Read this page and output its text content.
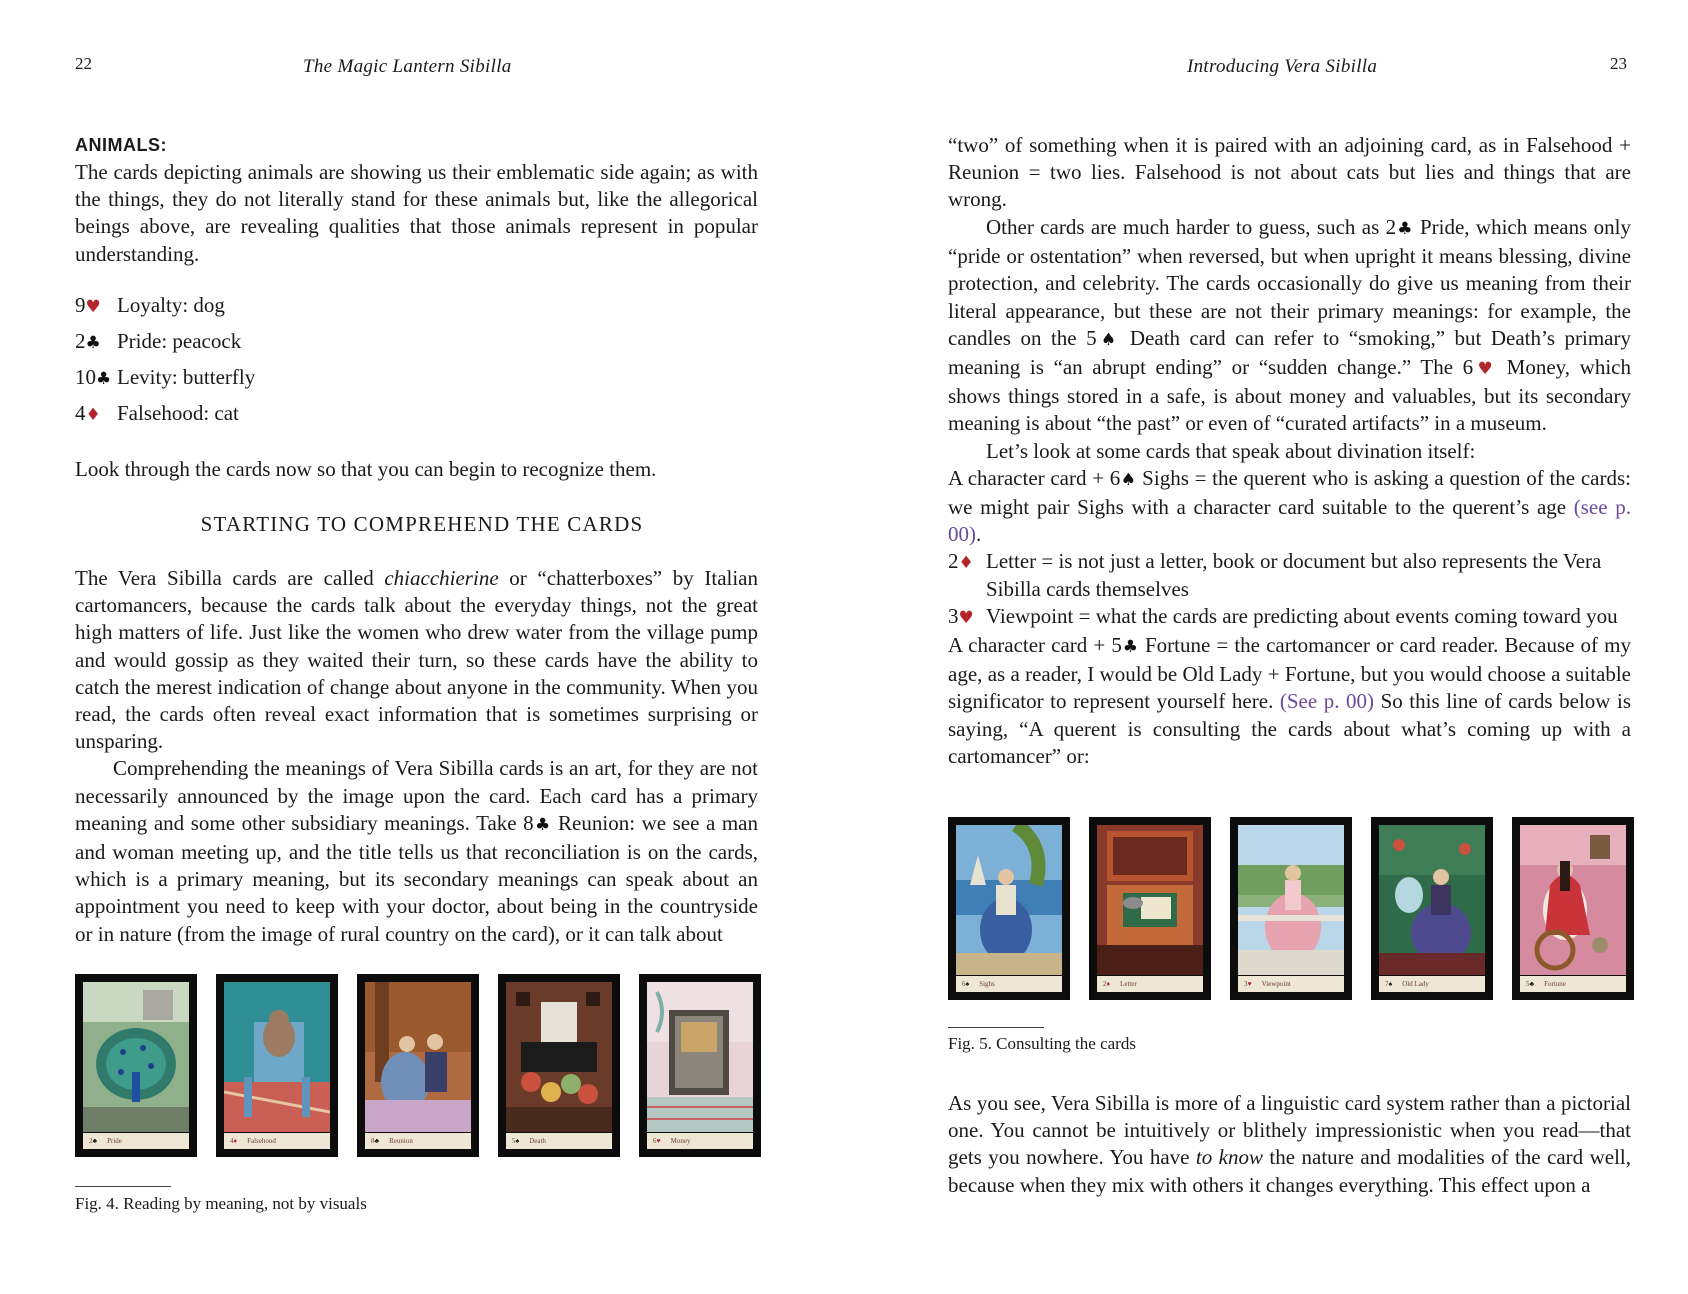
22	The Magic Lantern Sibilla
ANIMALS:

The cards depicting animals are showing us their emblematic side again; as with the things, they do not literally stand for these animals but, like the allegorical beings above, are revealing qualities that those animals represent in popular understanding.

9♥ Loyalty: dog
2♣ Pride: peacock
10♣ Levity: butterfly
4♦ Falsehood: cat
Look through the cards now so that you can begin to recognize them.
STARTING TO COMPREHEND THE CARDS

The Vera Sibilla cards are called chiacchierine or “chatterboxes” by Italian cartomancers, because the cards talk about the everyday things, not the great high matters of life. Just like the women who drew water from the village pump and would gossip as they waited their turn, so these cards have the ability to catch the merest indication of change about anyone in the community. When you read, the cards often reveal exact information that is sometimes surprising or unsparing.

Comprehending the meanings of Vera Sibilla cards is an art, for they are not necessarily announced by the image upon the card. Each card has a primary meaning and some other subsidiary meanings. Take 8♣ Reunion: we see a man and woman meeting up, and the title tells us that reconciliation is on the cards, which is a primary meaning, but its secondary meanings can speak about an appointment you need to keep with your doctor, about being in the countryside or in nature (from the image of rural country on the card), or it can talk about

2♣ Pride	4♦ Falsehood	8♣ Reunion	5♠ Death	6♥ Money
Fig. 4. Reading by meaning, not by visuals
Introducing Vera Sibilla	23
“two” of something when it is paired with an adjoining card, as in Falsehood + Reunion = two lies. Falsehood is not about cats but lies and things that are wrong.

Other cards are much harder to guess, such as 2♣ Pride, which means only “pride or ostentation” when reversed, but when upright it means blessing, divine protection, and celebrity. The cards occasionally do give us meaning from their literal appearance, but these are not their primary meanings: for example, the candles on the 5♠ Death card can refer to “smoking,” but Death’s primary meaning is “an abrupt ending” or “sudden change.” The 6♥ Money, which shows things stored in a safe, is about money and valuables, but its secondary meaning is about “the past” or even of “curated artifacts” in a museum.

Let’s look at some cards that speak about divination itself:

A character card + 6♠ Sighs = the querent who is asking a question of the cards: we might pair Sighs with a character card suitable to the querent’s age (see p. 00).

2♦ Letter = is not just a letter, book or document but also represents the Vera Sibilla cards themselves
3♥ Viewpoint = what the cards are predicting about events coming toward you

A character card + 5♣ Fortune = the cartomancer or card reader. Because of my age, as a reader, I would be Old Lady + Fortune, but you would choose a suitable significator to represent yourself here. (See p. 00) So this line of cards below is saying, “A querent is consulting the cards about what’s coming up with a cartomancer” or:

6♠ Sighs	2♦ Letter	3♥ Viewpoint	7♠ Old Lady	5♣ Fortune
Fig. 5. Consulting the cards

As you see, Vera Sibilla is more of a linguistic card system rather than a pictorial one. You cannot be intuitively or blithely impressionistic when you read—that gets you nowhere. You have to know the nature and modalities of the card well, because when they mix with others it changes everything. This effect upon a
